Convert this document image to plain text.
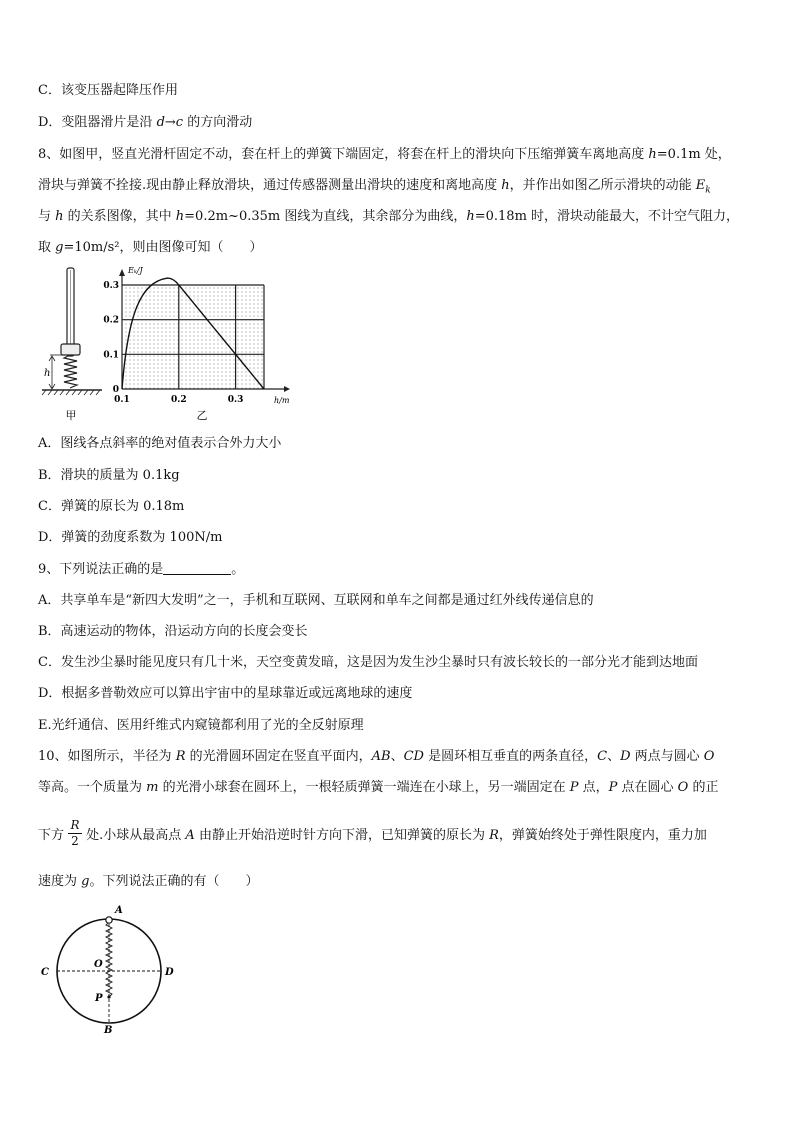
C．该变压器起降压作用
D．变阻器滑片是沿 d→c 的方向滑动
8、如图甲，竖直光滑杆固定不动，套在杆上的弹簧下端固定，将套在杆上的滑块向下压缩弹簧车离地高度 h=0.1m 处，
滑块与弹簧不拴接.现由静止释放滑块，通过传感器测量出滑块的速度和离地高度 h，并作出如图乙所示滑块的动能 $E_k$
与 h 的关系图像，其中 h=0.2m~0.35m 图线为直线，其余部分为曲线，h=0.18m 时，滑块动能最大，不计空气阻力，
取 g=10m/s²，则由图像可知（　　）
h
甲
Eₖ/J
h/m
0.3
0.2
0.1
0
0.1	0.2	0.3
乙
A．图线各点斜率的绝对值表示合外力大小
B．滑块的质量为 0.1kg
C．弹簧的原长为 0.18m
D．弹簧的劲度系数为 100N/m
9、下列说法正确的是	。
A．共享单车是“新四大发明”之一，手机和互联网、互联网和单车之间都是通过红外线传递信息的
B．高速运动的物体，沿运动方向的长度会变长
C．发生沙尘暴时能见度只有几十米，天空变黄发暗，这是因为发生沙尘暴时只有波长较长的一部分光才能到达地面
D．根据多普勒效应可以算出宇宙中的星球靠近或远离地球的速度
E.光纤通信、医用纤维式内窥镜都利用了光的全反射原理
10、如图所示，半径为 R 的光滑圆环固定在竖直平面内，AB、CD 是圆环相互垂直的两条直径，C、D 两点与圆心 O
等高。一个质量为 m 的光滑小球套在圆环上，一根轻质弹簧一端连在小球上，另一端固定在 P 点，P 点在圆心 O 的正
下方 处.小球从最高点 A 由静止开始沿逆时针方向下滑，已知弹簧的原长为 R，弹簧始终处于弹性限度内，重力加
$\frac{R}{2}$
速度为 g。下列说法正确的有（　　）
A
B
C	D
O
P
